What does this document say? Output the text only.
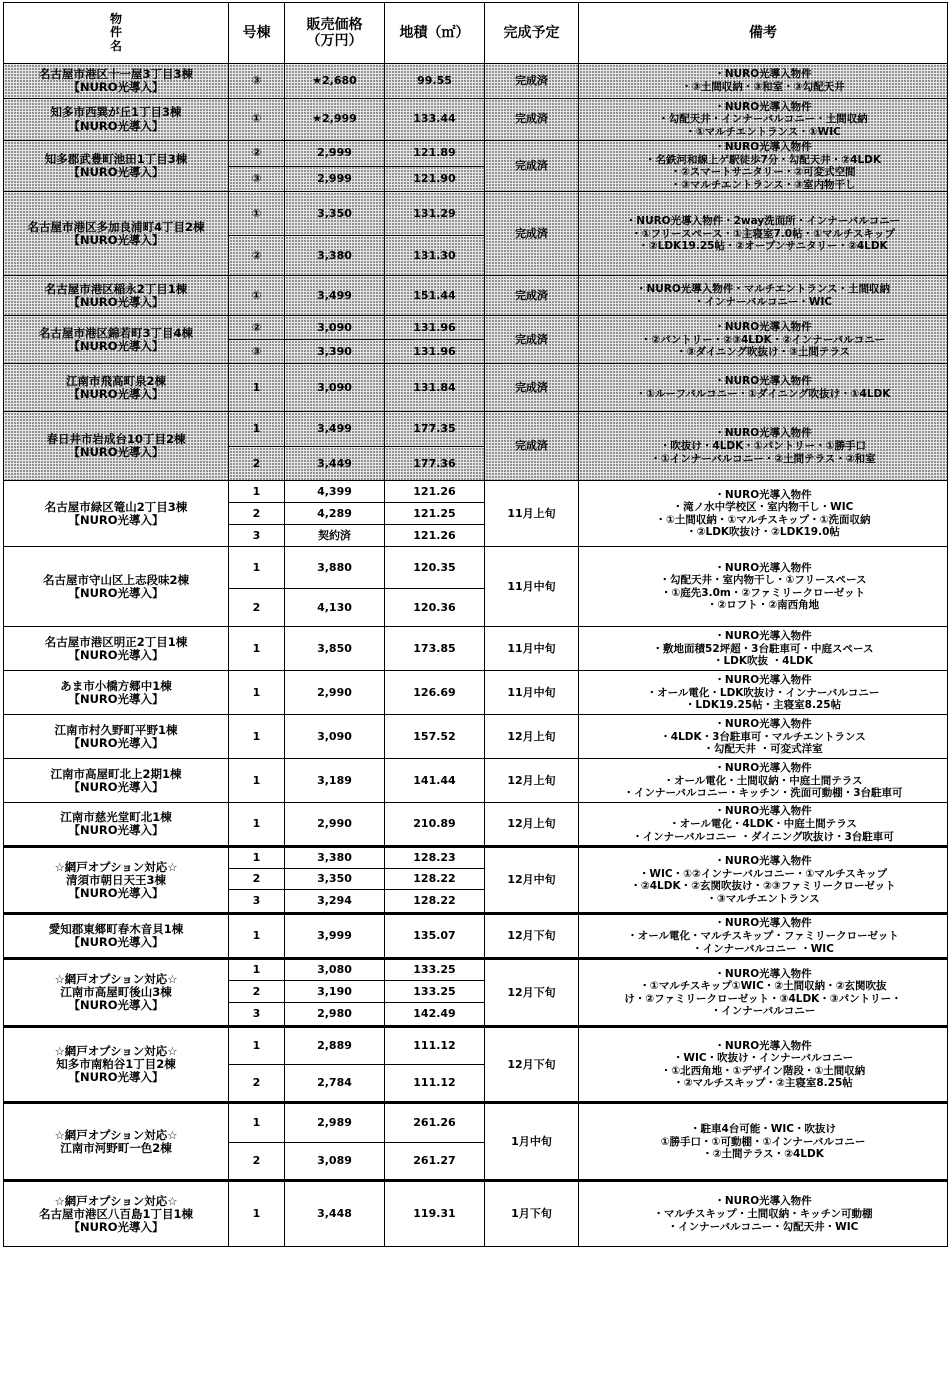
物
件
名	号棟	販売価格
（万円）	地積（㎡）	完成予定	備考
名古屋市港区十一屋3丁目3棟
【NURO光導入】	③	★2,680	99.55	完成済	・NURO光導入物件
・③土間収納・③和室・③勾配天井
知多市西巽が丘1丁目3棟
【NURO光導入】	①	★2,999	133.44	完成済	・NURO光導入物件
・勾配天井・インナーバルコニー・土間収納
・①マルチエントランス・①WIC
知多郡武豊町池田1丁目3棟
【NURO光導入】	②	2,999	121.89	完成済	・NURO光導入物件
・名鉄河和線上ゲ駅徒歩7分・勾配天井・②4LDK
・②スマートサニタリー・②可変式空間
・③マルチエントランス・③室内物干し
	③	2,999	121.90		
名古屋市港区多加良浦町4丁目2棟
【NURO光導入】	①	3,350	131.29	完成済	・NURO光導入物件・2way洗面所・インナーバルコニー
・①フリースペース・①主寝室7.0帖・①マルチスキップ
・②LDK19.25帖・②オープンサニタリー・②4LDK
	②	3,380	131.30		
名古屋市港区稲永2丁目1棟
【NURO光導入】	①	3,499	151.44	完成済	・NURO光導入物件・マルチエントランス・土間収納
・インナーバルコニー・WIC
名古屋市港区錦若町3丁目4棟
【NURO光導入】	②	3,090	131.96	完成済	・NURO光導入物件
・②パントリー・②③4LDK・②インナーバルコニー
・③ダイニング吹抜け・③土間テラス
	③	3,390	131.96		
江南市飛高町泉2棟
【NURO光導入】	1	3,090	131.84	完成済	・NURO光導入物件
・①ルーフバルコニー・①ダイニング吹抜け・①4LDK
春日井市岩成台10丁目2棟
【NURO光導入】	1	3,499	177.35	完成済	・NURO光導入物件
・吹抜け・4LDK・①パントリー・①勝手口
・①インナーバルコニー・②土間テラス・②和室
	2	3,449	177.36		
名古屋市緑区篭山2丁目3棟
【NURO光導入】	1	4,399	121.26	11月上旬	・NURO光導入物件
・滝ノ水中学校区・室内物干し・WIC
・①土間収納・①マルチスキップ・①洗面収納
・②LDK吹抜け・②LDK19.0帖
	2	4,289	121.25		
	3	契約済	121.26		
名古屋市守山区上志段味2棟
【NURO光導入】	1	3,880	120.35	11月中旬	・NURO光導入物件
・勾配天井・室内物干し・①フリースペース
・①庭先3.0m・②ファミリークローゼット
・②ロフト・②南西角地
	2	4,130	120.36		
名古屋市港区明正2丁目1棟
【NURO光導入】	1	3,850	173.85	11月中旬	・NURO光導入物件
・敷地面積52坪超・3台駐車可・中庭スペース
・LDK吹抜 ・4LDK
あま市小橋方郷中1棟
【NURO光導入】	1	2,990	126.69	11月中旬	・NURO光導入物件
・オール電化・LDK吹抜け・インナーバルコニー
・LDK19.25帖・主寝室8.25帖
江南市村久野町平野1棟
【NURO光導入】	1	3,090	157.52	12月上旬	・NURO光導入物件
・4LDK・3台駐車可・マルチエントランス
・勾配天井 ・可変式洋室
江南市高屋町北上2期1棟
【NURO光導入】	1	3,189	141.44	12月上旬	・NURO光導入物件
・オール電化・土間収納・中庭土間テラス
・インナーバルコニー・キッチン・洗面可動棚・3台駐車可
江南市慈光堂町北1棟
【NURO光導入】	1	2,990	210.89	12月上旬	・NURO光導入物件
・オール電化・4LDK・中庭土間テラス
・インナーバルコニー ・ダイニング吹抜け・3台駐車可
☆網戸オプション対応☆
清須市朝日天王3棟
【NURO光導入】	1	3,380	128.23	12月中旬	・NURO光導入物件
・WIC・①②インナーバルコニー・①マルチスキップ
・②4LDK・②玄関吹抜け・②③ファミリークローゼット
・③マルチエントランス
	2	3,350	128.22		
	3	3,294	128.22		
愛知郡東郷町春木音貝1棟
【NURO光導入】	1	3,999	135.07	12月下旬	・NURO光導入物件
・オール電化・マルチスキップ・ファミリークローゼット
・インナーバルコニー ・WIC
☆網戸オプション対応☆
江南市高屋町後山3棟
【NURO光導入】	1	3,080	133.25	12月下旬	・NURO光導入物件
・①マルチスキップ①WIC・②土間収納・②玄関吹抜
け・②ファミリークローゼット・③4LDK・③パントリー・
・インナーバルコニー
	2	3,190	133.25		
	3	2,980	142.49		
☆網戸オプション対応☆
知多市南粕谷1丁目2棟
【NURO光導入】	1	2,889	111.12	12月下旬	・NURO光導入物件
・WIC・吹抜け・インナーバルコニー
・①北西角地・①デザイン階段・①土間収納
・②マルチスキップ・②主寝室8.25帖
	2	2,784	111.12		
☆網戸オプション対応☆
江南市河野町一色2棟	1	2,989	261.26	1月中旬	・駐車4台可能・WIC・吹抜け
①勝手口・①可動棚・①インナーバルコニー
・②土間テラス・②4LDK
	2	3,089	261.27		
☆網戸オプション対応☆
名古屋市港区八百島1丁目1棟
【NURO光導入】	1	3,448	119.31	1月下旬	・NURO光導入物件
・マルチスキップ・土間収納・キッチン可動棚
・インナーバルコニー・勾配天井・WIC
